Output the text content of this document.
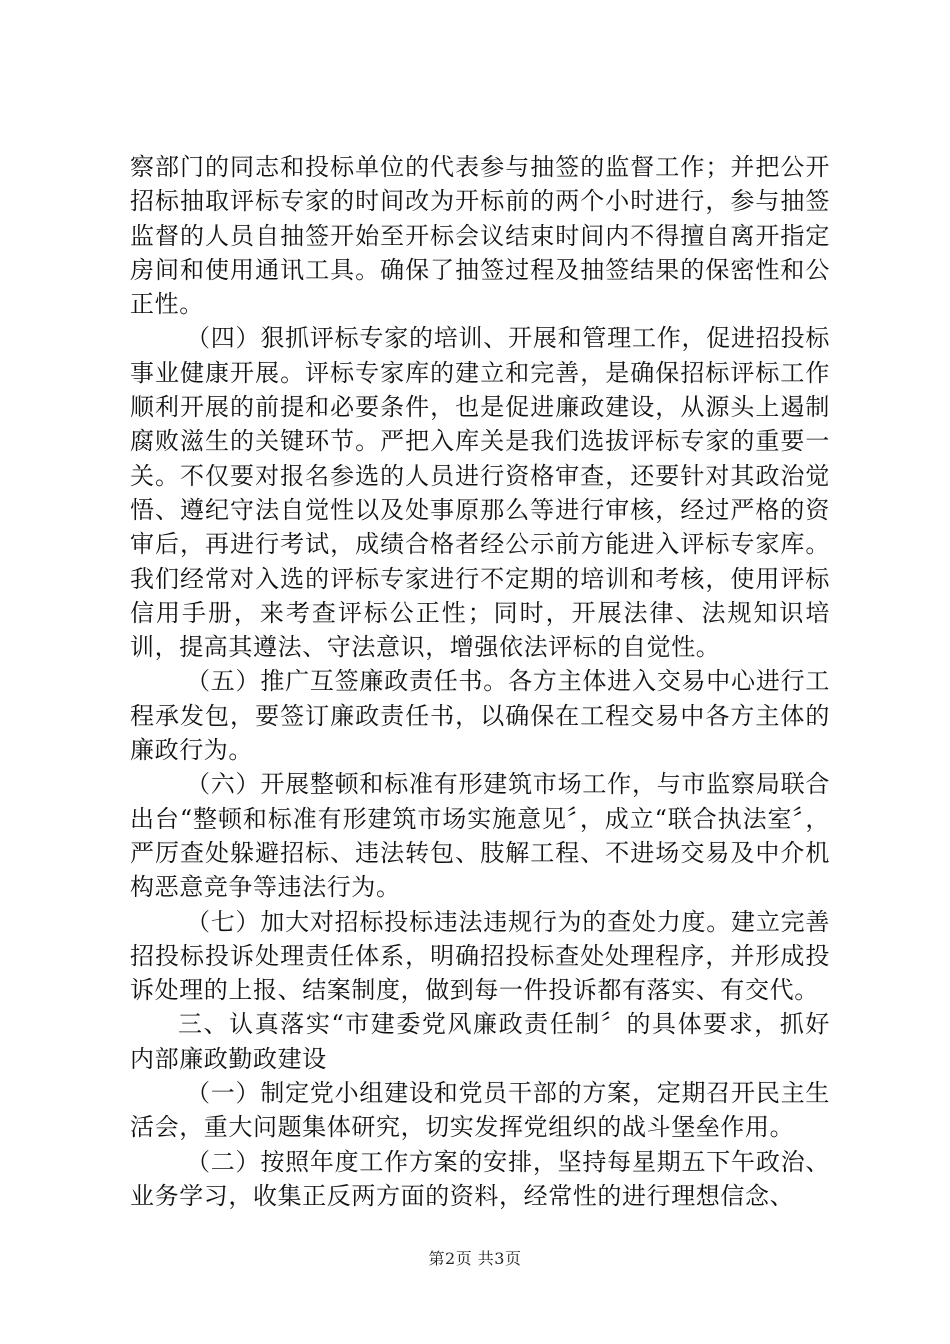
察部门的同志和投标单位的代表参与抽签的监督工作；并把公开招标抽取评标专家的时间改为开标前的两个小时进行，参与抽签监督的人员自抽签开始至开标会议结束时间内不得擅自离开指定房间和使用通讯工具。确保了抽签过程及抽签结果的保密性和公正性。

（四）狠抓评标专家的培训、开展和管理工作，促进招投标事业健康开展。评标专家库的建立和完善，是确保招标评标工作顺利开展的前提和必要条件，也是促进廉政建设，从源头上遏制腐败滋生的关键环节。严把入库关是我们选拔评标专家的重要一关。不仅要对报名参选的人员进行资格审查，还要针对其政治觉悟、遵纪守法自觉性以及处事原那么等进行审核，经过严格的资审后，再进行考试，成绩合格者经公示前方能进入评标专家库。我们经常对入选的评标专家进行不定期的培训和考核，使用评标信用手册，来考查评标公正性；同时，开展法律、法规知识培训，提高其遵法、守法意识，增强依法评标的自觉性。

（五）推广互签廉政责任书。各方主体进入交易中心进行工程承发包，要签订廉政责任书，以确保在工程交易中各方主体的廉政行为。

（六）开展整顿和标准有形建筑市场工作，与市监察局联合出台“整顿和标准有形建筑市场实施意见〞，成立“联合执法室〞，严厉查处躲避招标、违法转包、肢解工程、不进场交易及中介机构恶意竞争等违法行为。

（七）加大对招标投标违法违规行为的查处力度。建立完善招投标投诉处理责任体系，明确招投标查处处理程序，并形成投诉处理的上报、结案制度，做到每一件投诉都有落实、有交代。

三、认真落实“市建委党风廉政责任制〞的具体要求，抓好内部廉政勤政建设

（一）制定党小组建设和党员干部的方案，定期召开民主生活会，重大问题集体研究，切实发挥党组织的战斗堡垒作用。

（二）按照年度工作方案的安排，坚持每星期五下午政治、业务学习，收集正反两方面的资料，经常性的进行理想信念、

第2页 共3页
